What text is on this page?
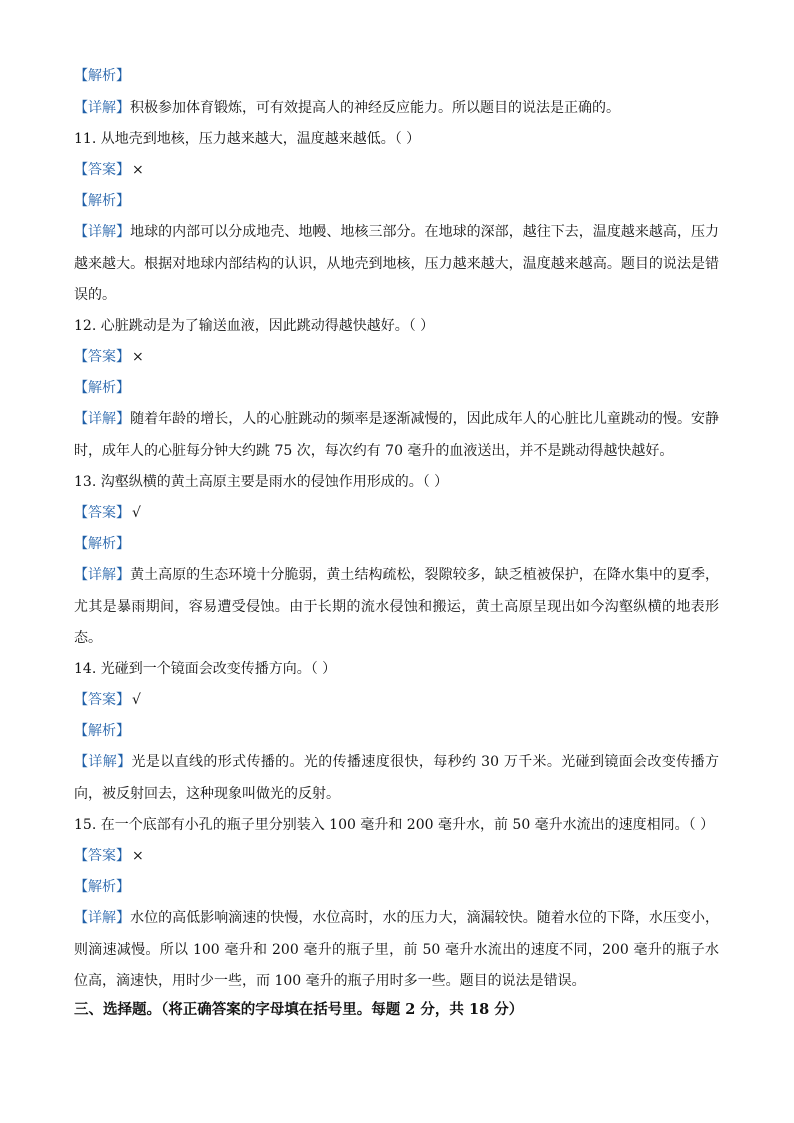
【解析】
【详解】积极参加体育锻炼，可有效提高人的神经反应能力。所以题目的说法是正确的。
11. 从地壳到地核，压力越来越大，温度越来越低。（ ）
【答案】 ×
【解析】
【详解】地球的内部可以分成地壳、地幔、地核三部分。在地球的深部，越往下去，温度越来越高，压力越来越大。根据对地球内部结构的认识，从地壳到地核，压力越来越大，温度越来越高。题目的说法是错误的。
12. 心脏跳动是为了输送血液，因此跳动得越快越好。（ ）
【答案】 ×
【解析】
【详解】随着年龄的增长，人的心脏跳动的频率是逐渐减慢的，因此成年人的心脏比儿童跳动的慢。安静时，成年人的心脏每分钟大约跳 75 次，每次约有 70 毫升的血液送出，并不是跳动得越快越好。
13. 沟壑纵横的黄土高原主要是雨水的侵蚀作用形成的。（ ）
【答案】 √
【解析】
【详解】黄土高原的生态环境十分脆弱，黄土结构疏松，裂隙较多，缺乏植被保护，在降水集中的夏季，尤其是暴雨期间，容易遭受侵蚀。由于长期的流水侵蚀和搬运，黄土高原呈现出如今沟壑纵横的地表形态。
14. 光碰到一个镜面会改变传播方向。（ ）
【答案】 √
【解析】
【详解】光是以直线的形式传播的。光的传播速度很快，每秒约 30 万千米。光碰到镜面会改变传播方向，被反射回去，这种现象叫做光的反射。
15. 在一个底部有小孔的瓶子里分别装入 100 毫升和 200 毫升水，前 50 毫升水流出的速度相同。（ ）
【答案】 ×
【解析】
【详解】水位的高低影响滴速的快慢，水位高时，水的压力大，滴漏较快。随着水位的下降，水压变小，则滴速减慢。所以 100 毫升和 200 毫升的瓶子里，前 50 毫升水流出的速度不同，200 毫升的瓶子水位高，滴速快，用时少一些，而 100 毫升的瓶子用时多一些。题目的说法是错误。
三、选择题。（将正确答案的字母填在括号里。每题 2 分，共 18 分）
